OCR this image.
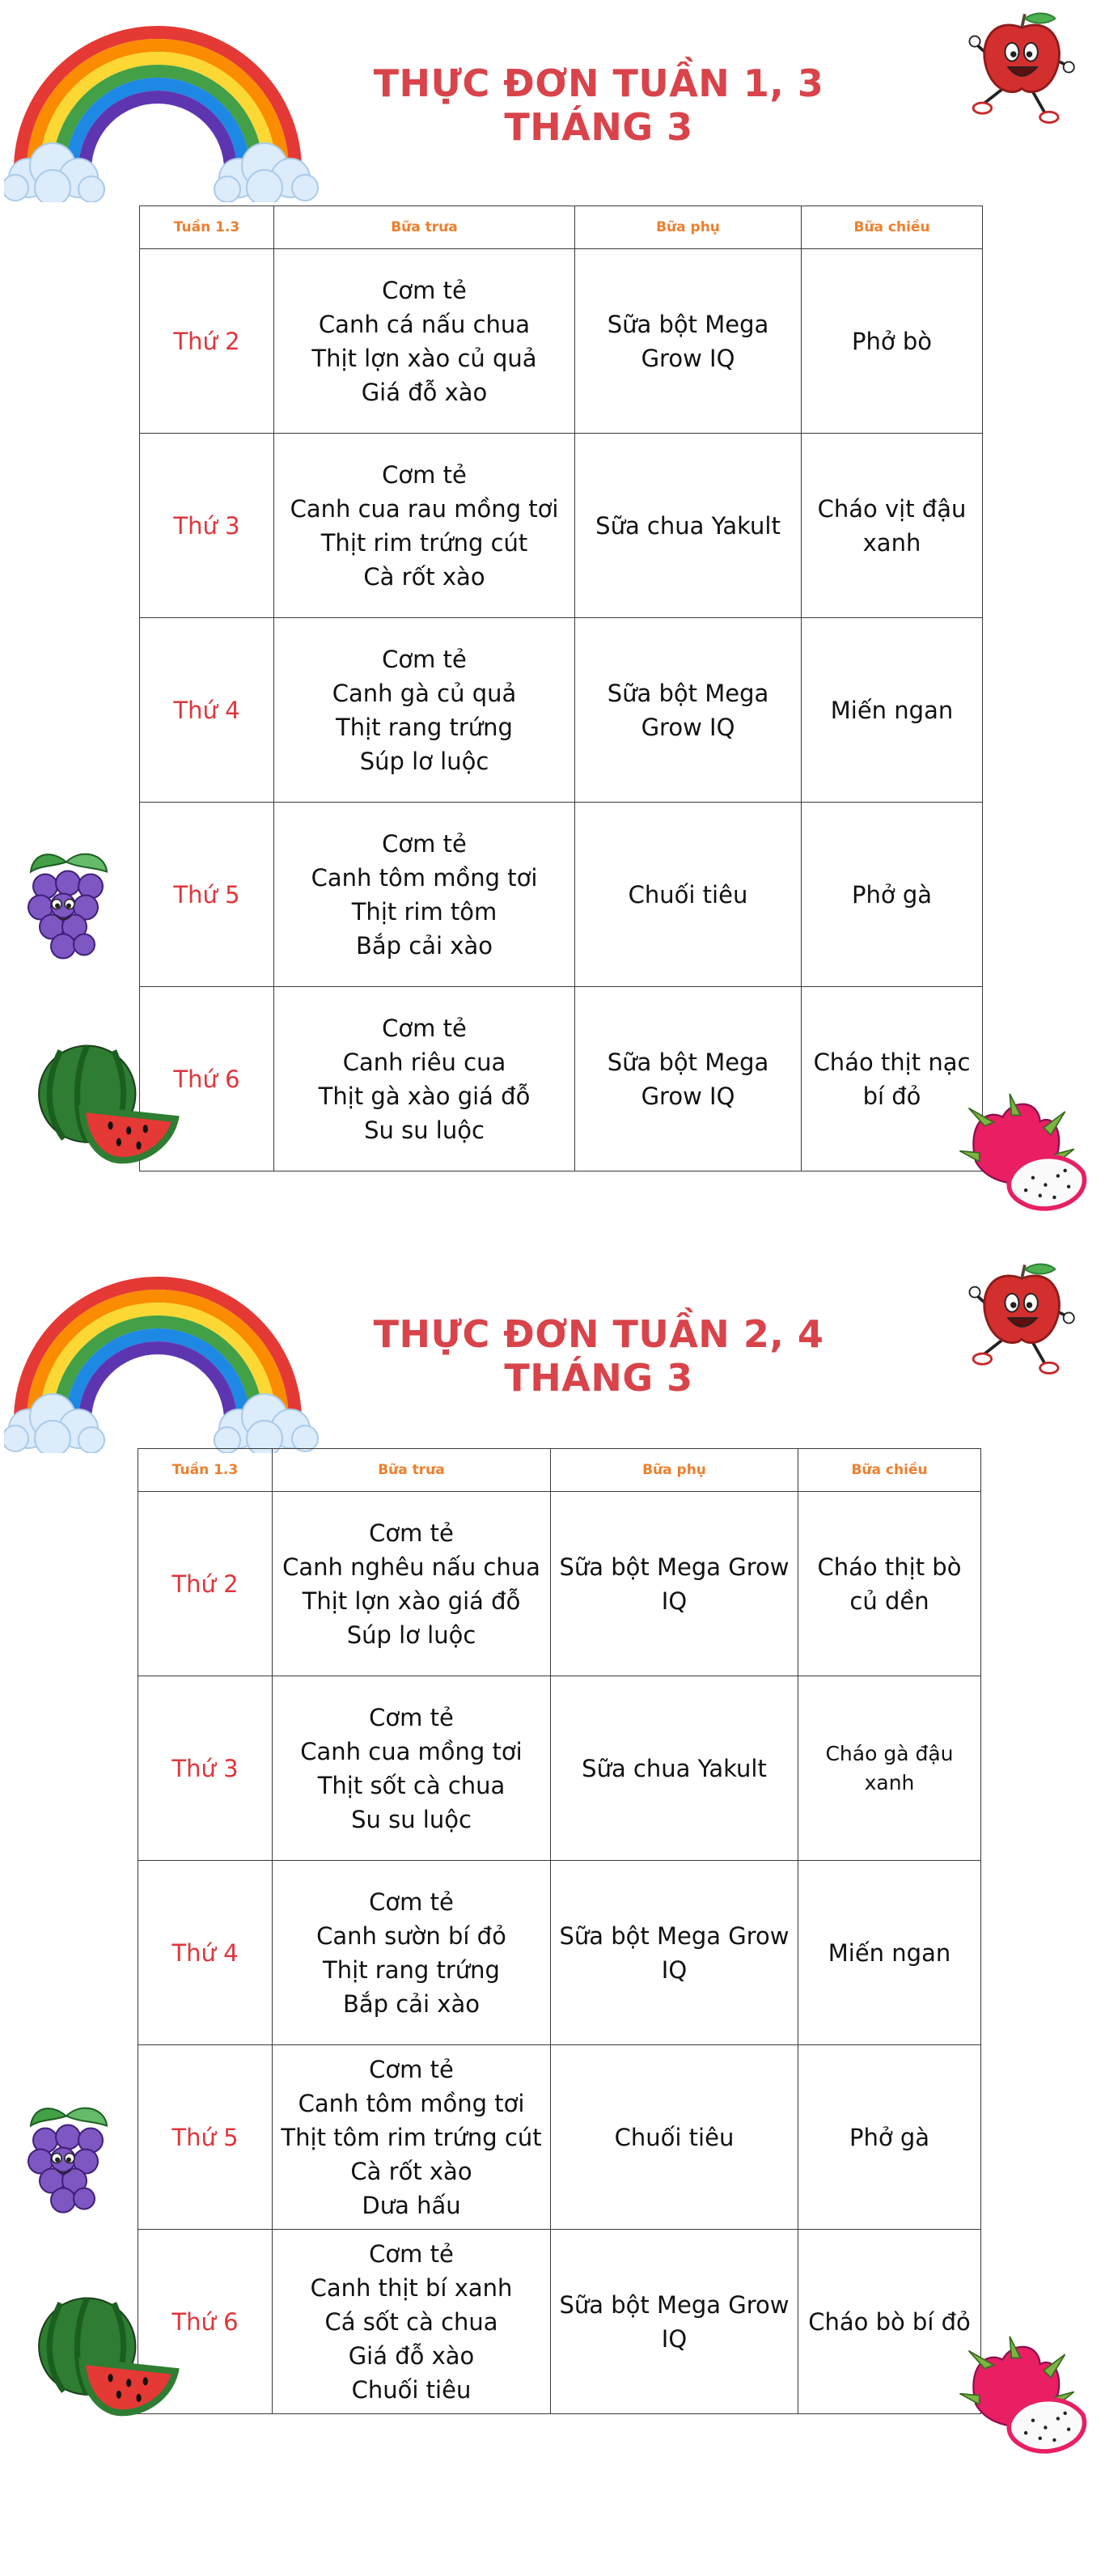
THỰC ĐƠN TUẦN 1, 3 THÁNG 3
Tuần 1.3	Bữa trưa	Bữa phụ	Bữa chiều
Thứ 2	Cơm tẻ
Canh cá nấu chua
Thịt lợn xào củ quả
Giá đỗ xào	Sữa bột Mega Grow IQ	Phở bò
Thứ 3	Cơm tẻ
Canh cua rau mồng tơi
Thịt rim trứng cút
Cà rốt xào	Sữa chua Yakult	Cháo vịt đậu xanh
Thứ 4	Cơm tẻ
Canh gà củ quả
Thịt rang trứng
Súp lơ luộc	Sữa bột Mega Grow IQ	Miến ngan
Thứ 5	Cơm tẻ
Canh tôm mồng tơi
Thịt rim tôm
Bắp cải xào	Chuối tiêu	Phở gà
Thứ 6	Cơm tẻ
Canh riêu cua
Thịt gà xào giá đỗ
Su su luộc	Sữa bột Mega Grow IQ	Cháo thịt nạc bí đỏ
THỰC ĐƠN TUẦN 2, 4 THÁNG 3
Tuần 1.3	Bữa trưa	Bữa phụ	Bữa chiều
Thứ 2	Cơm tẻ
Canh nghêu nấu chua
Thịt lợn xào giá đỗ
Súp lơ luộc	Sữa bột Mega Grow IQ	Cháo thịt bò củ dền
Thứ 3	Cơm tẻ
Canh cua mồng tơi
Thịt sốt cà chua
Su su luộc	Sữa chua Yakult	Cháo gà đậu xanh
Thứ 4	Cơm tẻ
Canh sườn bí đỏ
Thịt rang trứng
Bắp cải xào	Sữa bột Mega Grow IQ	Miến ngan
Thứ 5	Cơm tẻ
Canh tôm mồng tơi
Thịt tôm rim trứng cút
Cà rốt xào
Dưa hấu	Chuối tiêu	Phở gà
Thứ 6	Cơm tẻ
Canh thịt bí xanh
Cá sốt cà chua
Giá đỗ xào
Chuối tiêu	Sữa bột Mega Grow IQ	Cháo bò bí đỏ
